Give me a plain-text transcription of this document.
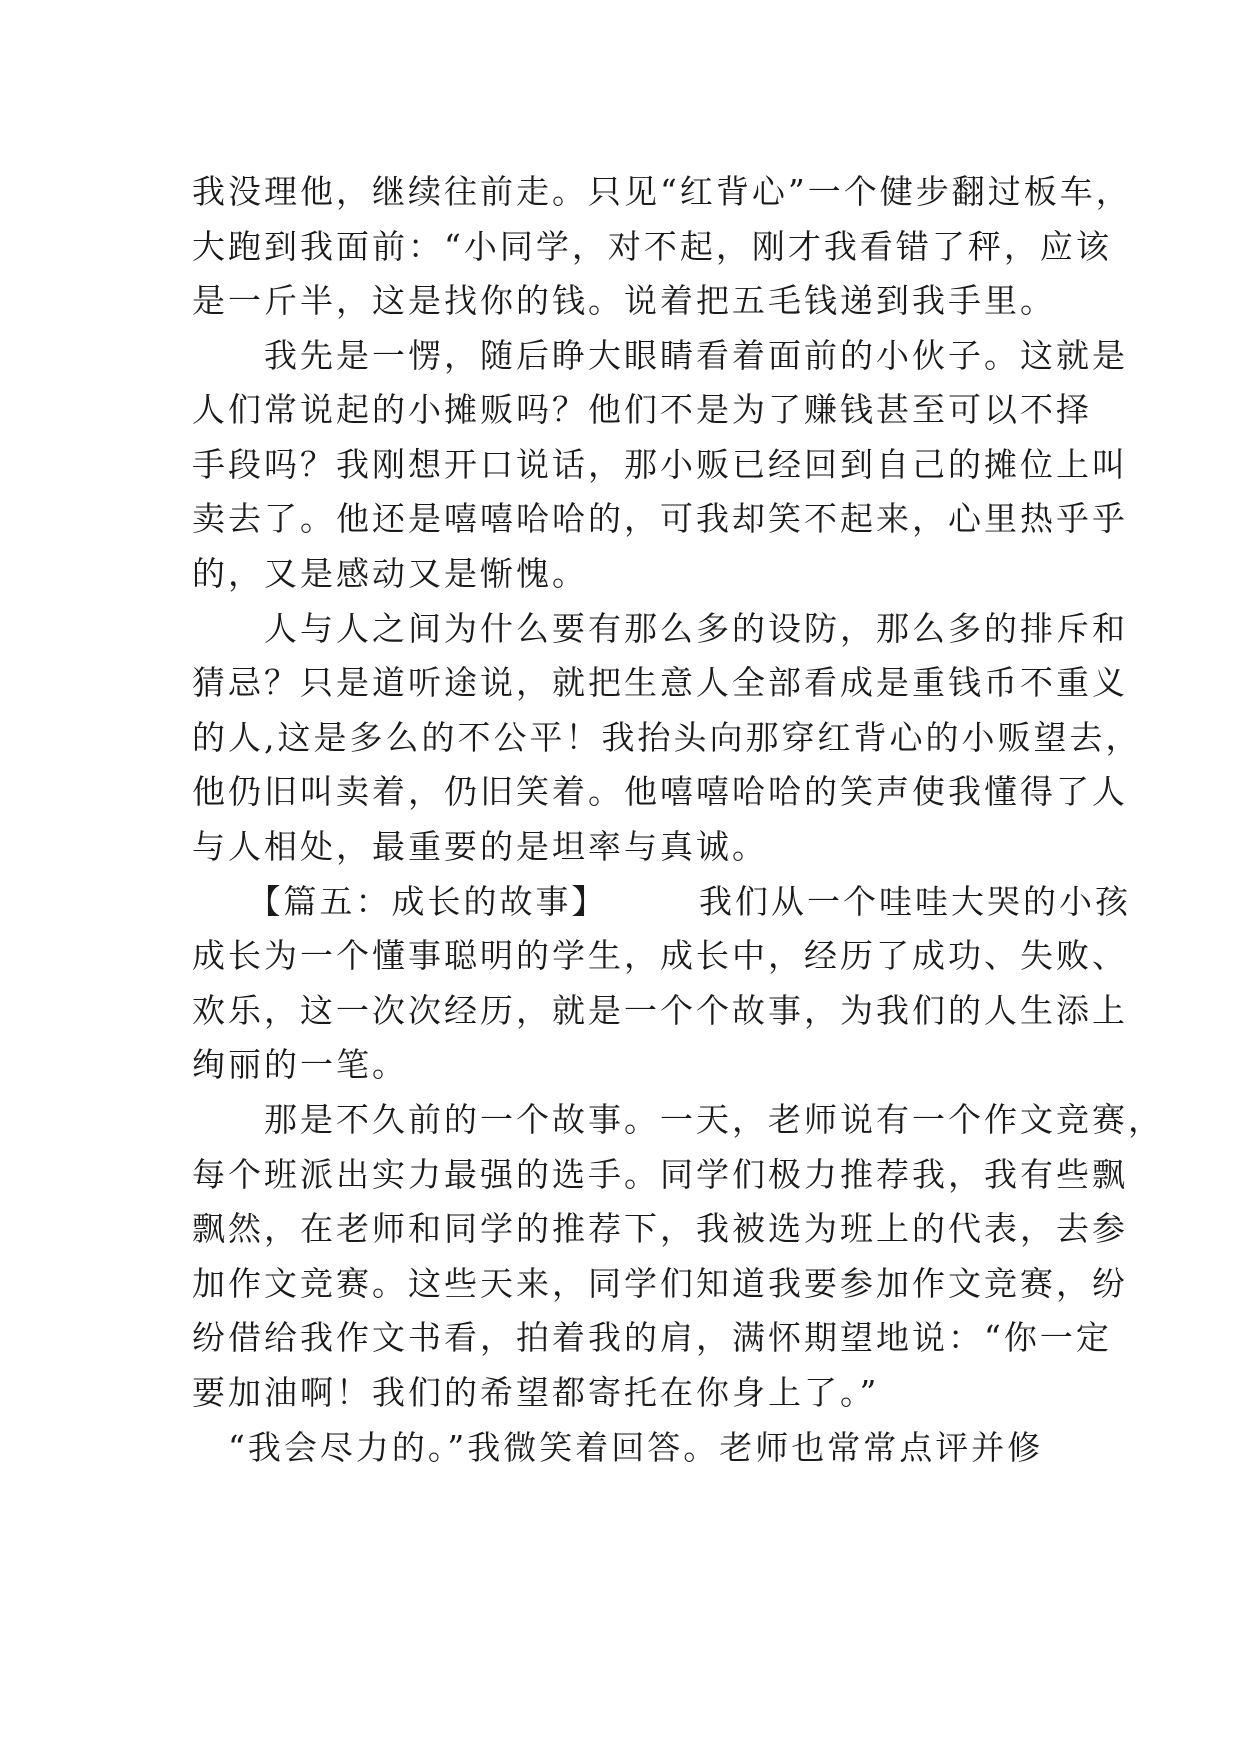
我没理他，继续往前走。只见“红背心”一个健步翻过板车，
大跑到我面前：“小同学，对不起，刚才我看错了秤，应该
是一斤半，这是找你的钱。说着把五毛钱递到我手里。
　　我先是一愣，随后睁大眼睛看着面前的小伙子。这就是
人们常说起的小摊贩吗？他们不是为了赚钱甚至可以不择
手段吗？我刚想开口说话，那小贩已经回到自己的摊位上叫
卖去了。他还是嘻嘻哈哈的，可我却笑不起来，心里热乎乎
的，又是感动又是惭愧。
　　人与人之间为什么要有那么多的设防，那么多的排斥和
猜忌？只是道听途说，就把生意人全部看成是重钱币不重义
的人,这是多么的不公平！我抬头向那穿红背心的小贩望去，
他仍旧叫卖着，仍旧笑着。他嘻嘻哈哈的笑声使我懂得了人
与人相处，最重要的是坦率与真诚。
　　【篇五：成长的故事】　　　我们从一个哇哇大哭的小孩
成长为一个懂事聪明的学生，成长中，经历了成功、失败、
欢乐，这一次次经历，就是一个个故事，为我们的人生添上
绚丽的一笔。
　　那是不久前的一个故事。一天，老师说有一个作文竞赛，
每个班派出实力最强的选手。同学们极力推荐我，我有些飘
飘然，在老师和同学的推荐下，我被选为班上的代表，去参
加作文竞赛。这些天来，同学们知道我要参加作文竞赛，纷
纷借给我作文书看，拍着我的肩，满怀期望地说：“你一定
要加油啊！我们的希望都寄托在你身上了。”
　“我会尽力的。”我微笑着回答。老师也常常点评并修
